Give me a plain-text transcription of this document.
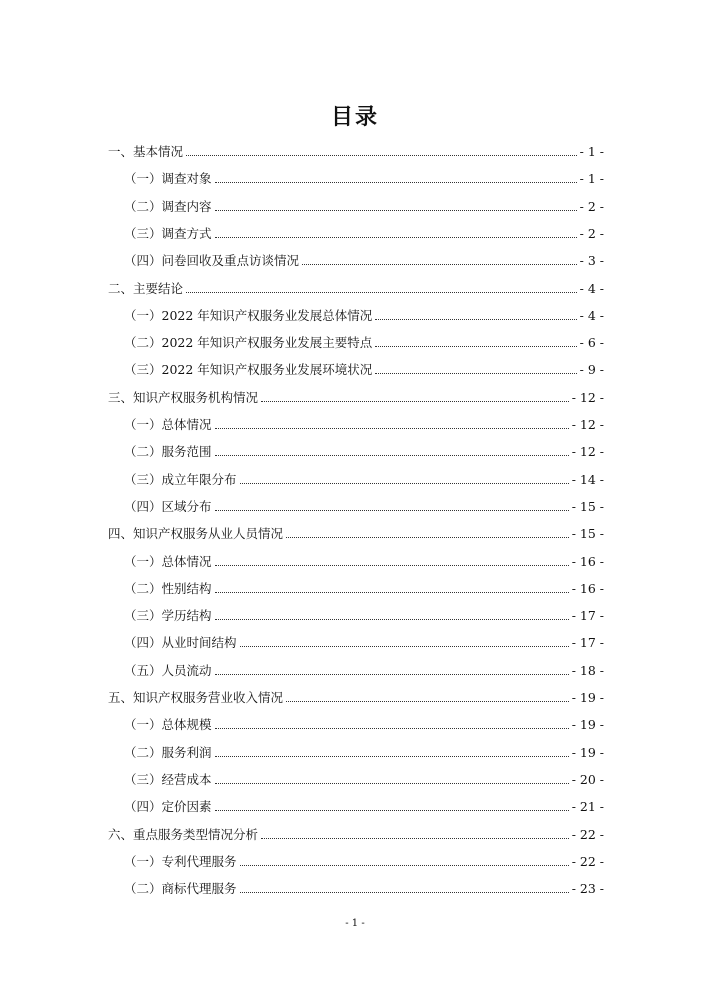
目录
一、基本情况	- 1 -
（一）调查对象	- 1 -
（二）调查内容	- 2 -
（三）调查方式	- 2 -
（四）问卷回收及重点访谈情况	- 3 -
二、主要结论	- 4 -
（一）2022 年知识产权服务业发展总体情况	- 4 -
（二）2022 年知识产权服务业发展主要特点	- 6 -
（三）2022 年知识产权服务业发展环境状况	- 9 -
三、知识产权服务机构情况	- 12 -
（一）总体情况	- 12 -
（二）服务范围	- 12 -
（三）成立年限分布	- 14 -
（四）区域分布	- 15 -
四、知识产权服务从业人员情况	- 15 -
（一）总体情况	- 16 -
（二）性别结构	- 16 -
（三）学历结构	- 17 -
（四）从业时间结构	- 17 -
（五）人员流动	- 18 -
五、知识产权服务营业收入情况	- 19 -
（一）总体规模	- 19 -
（二）服务利润	- 19 -
（三）经营成本	- 20 -
（四）定价因素	- 21 -
六、重点服务类型情况分析	- 22 -
（一）专利代理服务	- 22 -
（二）商标代理服务	- 23 -
- 1 -
